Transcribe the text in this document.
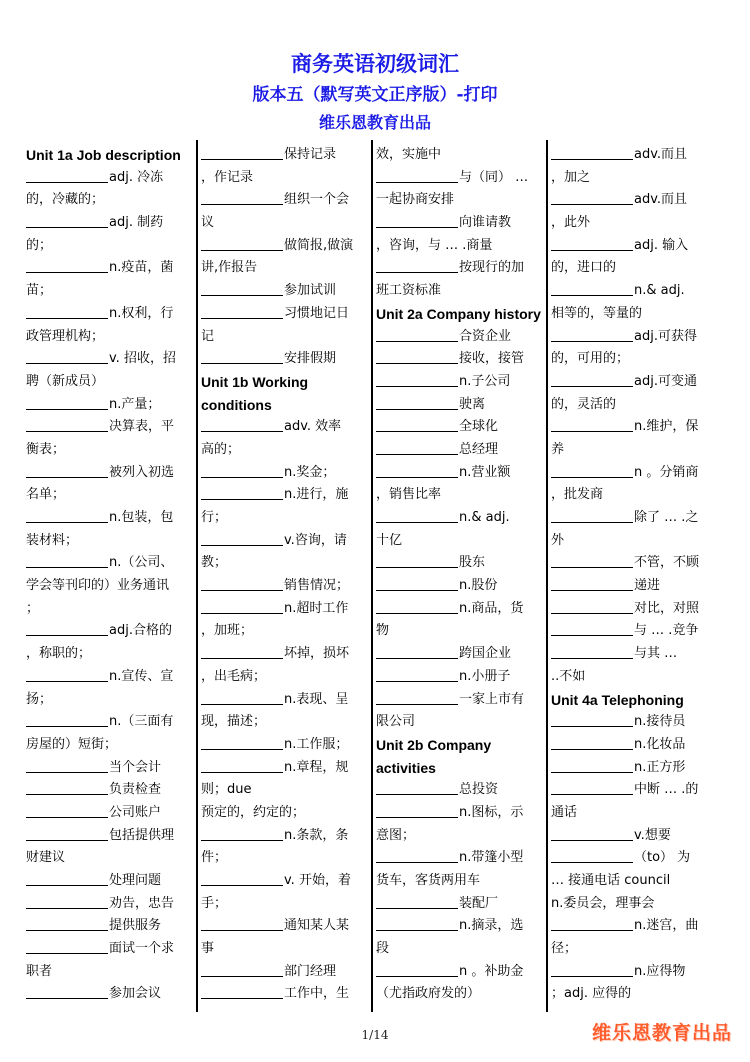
商务英语初级词汇
版本五（默写英文正序版）-打印
维乐恩教育出品
Unit 1a Job description
adj. 冷冻
的，冷藏的；
adj. 制药
的；
n.疫苗，菌
苗；
n.权利，行
政管理机构；
v. 招收，招
聘（新成员）
n.产量；
决算表，平
衡表；
被列入初选
名单；
n.包装，包
装材料；
n.（公司、
学会等刊印的）业务通讯
；
adj.合格的
，称职的；
n.宣传、宣
扬；
n.（三面有
房屋的）短街；
当个会计
负责检查
公司账户
包括提供理
财建议
处理问题
劝告，忠告
提供服务
面试一个求
职者
参加会议
保持记录
，作记录
组织一个会
议
做简报,做演
讲,作报告
参加试训
习惯地记日
记
安排假期
Unit 1b Working
conditions
adv. 效率
高的；
n.奖金；
n.进行，施
行；
v.咨询，请
教；
销售情况；
n.超时工作
，加班；
坏掉，损坏
，出毛病；
n.表现、呈
现，描述；
n.工作服；
n.章程，规
则；due
预定的，约定的；
n.条款，条
件；
v. 开始，着
手；
通知某人某
事
部门经理
工作中，生
效，实施中
与（同） …
一起协商安排
向谁请教
，咨询，与 … .商量
按现行的加
班工资标准
Unit 2a Company history
合资企业
接收，接管
n.子公司
驶离
全球化
总经理
n.营业额
，销售比率
n.& adj.
十亿
股东
n.股份
n.商品，货
物
跨国企业
n.小册子
一家上市有
限公司
Unit 2b Company
activities
总投资
n.图标，示
意图；
n.带篷小型
货车，客货两用车
装配厂
n.摘录，选
段
n 。补助金
（尤指政府发的）
adv.而且
，加之
adv.而且
，此外
adj. 输入
的，进口的
n.& adj.
相等的，等量的
adj.可获得
的，可用的；
adj.可变通
的，灵活的
n.维护，保
养
n 。分销商
，批发商
除了 … .之
外
不管，不顾
递进
对比，对照
与 … .竞争
与其 …
..不如
Unit 4a Telephoning
n.接待员
n.化妆品
n.正方形
中断 … .的
通话
v.想要
（to） 为
… 接通电话 council
n.委员会，理事会
n.迷宫，曲
径；
n.应得物
；adj. 应得的
1/14	维乐恩教育出品
